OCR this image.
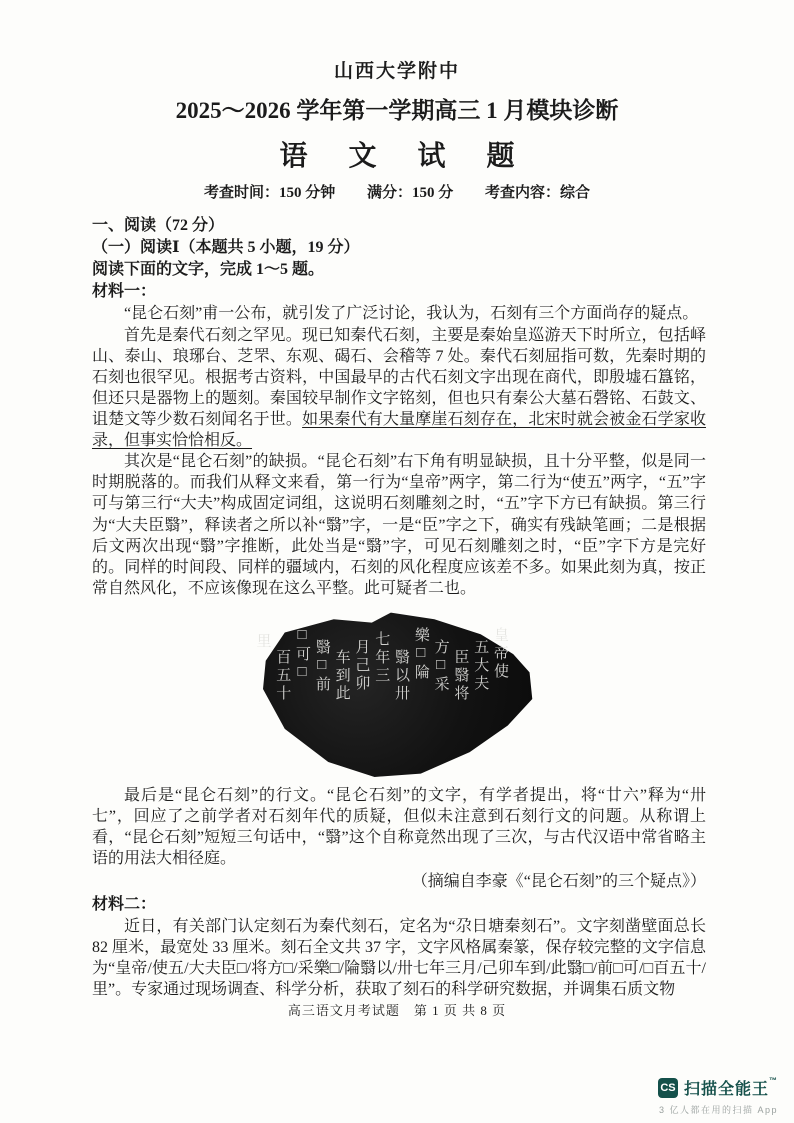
山西大学附中
2025～2026 学年第一学期高三 1 月模块诊断
语 文 试 题
考查时间：150 分钟 满分：150 分 考查内容：综合
一、阅读（72 分）
（一）阅读Ⅰ（本题共 5 小题，19 分）
阅读下面的文字，完成 1～5 题。
材料一：

“昆仑石刻”甫一公布，就引发了广泛讨论，我认为，石刻有三个方面尚存的疑点。

首先是秦代石刻之罕见。现已知秦代石刻，主要是秦始皇巡游天下时所立，包括峄山、泰山、琅琊台、芝罘、东观、碣石、会稽等 7 处。秦代石刻屈指可数，先秦时期的石刻也很罕见。根据考古资料，中国最早的古代石刻文字出现在商代，即殷墟石簋铭，但还只是器物上的题刻。秦国较早制作文字铭刻，但也只有秦公大墓石磬铭、石鼓文、诅楚文等少数石刻闻名于世。如果秦代有大量摩崖石刻存在，北宋时就会被金石学家收录，但事实恰恰相反。

其次是“昆仑石刻”的缺损。“昆仑石刻”右下角有明显缺损，且十分平整，似是同一时期脱落的。而我们从释文来看，第一行为“皇帝”两字，第二行为“使五”两字，“五”字可与第三行“大夫”构成固定词组，这说明石刻雕刻之时，“五”字下方已有缺损。第三行为“大夫臣翳”，释读者之所以补“翳”字，一是“臣”字之下，确实有残缺笔画；二是根据后文两次出现“翳”字推断，此处当是“翳”字，可见石刻雕刻之时，“臣”字下方是完好的。同样的时间段、同样的疆域内，石刻的风化程度应该差不多。如果此刻为真，按正常自然风化，不应该像现在这么平整。此可疑者二也。

皇帝使
五大夫
臣翳将
方□采
樂□陯
翳以卅
七年三
月己卯
车到此
翳□前
□可□
百五十
里

最后是“昆仑石刻”的行文。“昆仑石刻”的文字，有学者提出，将“廿六”释为“卅七”，回应了之前学者对石刻年代的质疑，但似未注意到石刻行文的问题。从称谓上看，“昆仑石刻”短短三句话中，“翳”这个自称竟然出现了三次，与古代汉语中常省略主语的用法大相径庭。

（摘编自李豪《“昆仑石刻”的三个疑点》）

材料二：

近日，有关部门认定刻石为秦代刻石，定名为“尕日塘秦刻石”。文字刻凿壁面总长 82 厘米，最宽处 33 厘米。刻石全文共 37 字，文字风格属秦篆，保存较完整的文字信息为“皇帝/使五/大夫臣□/将方□/采樂□/陯翳以/卅七年三月/己卯车到/此翳□/前□可/□百五十/里”。专家通过现场调查、科学分析，获取了刻石的科学研究数据，并调集石质文物

高三语文月考试题　第 1 页 共 8 页
CS 扫描全能王™
3 亿人都在用的扫描 App
